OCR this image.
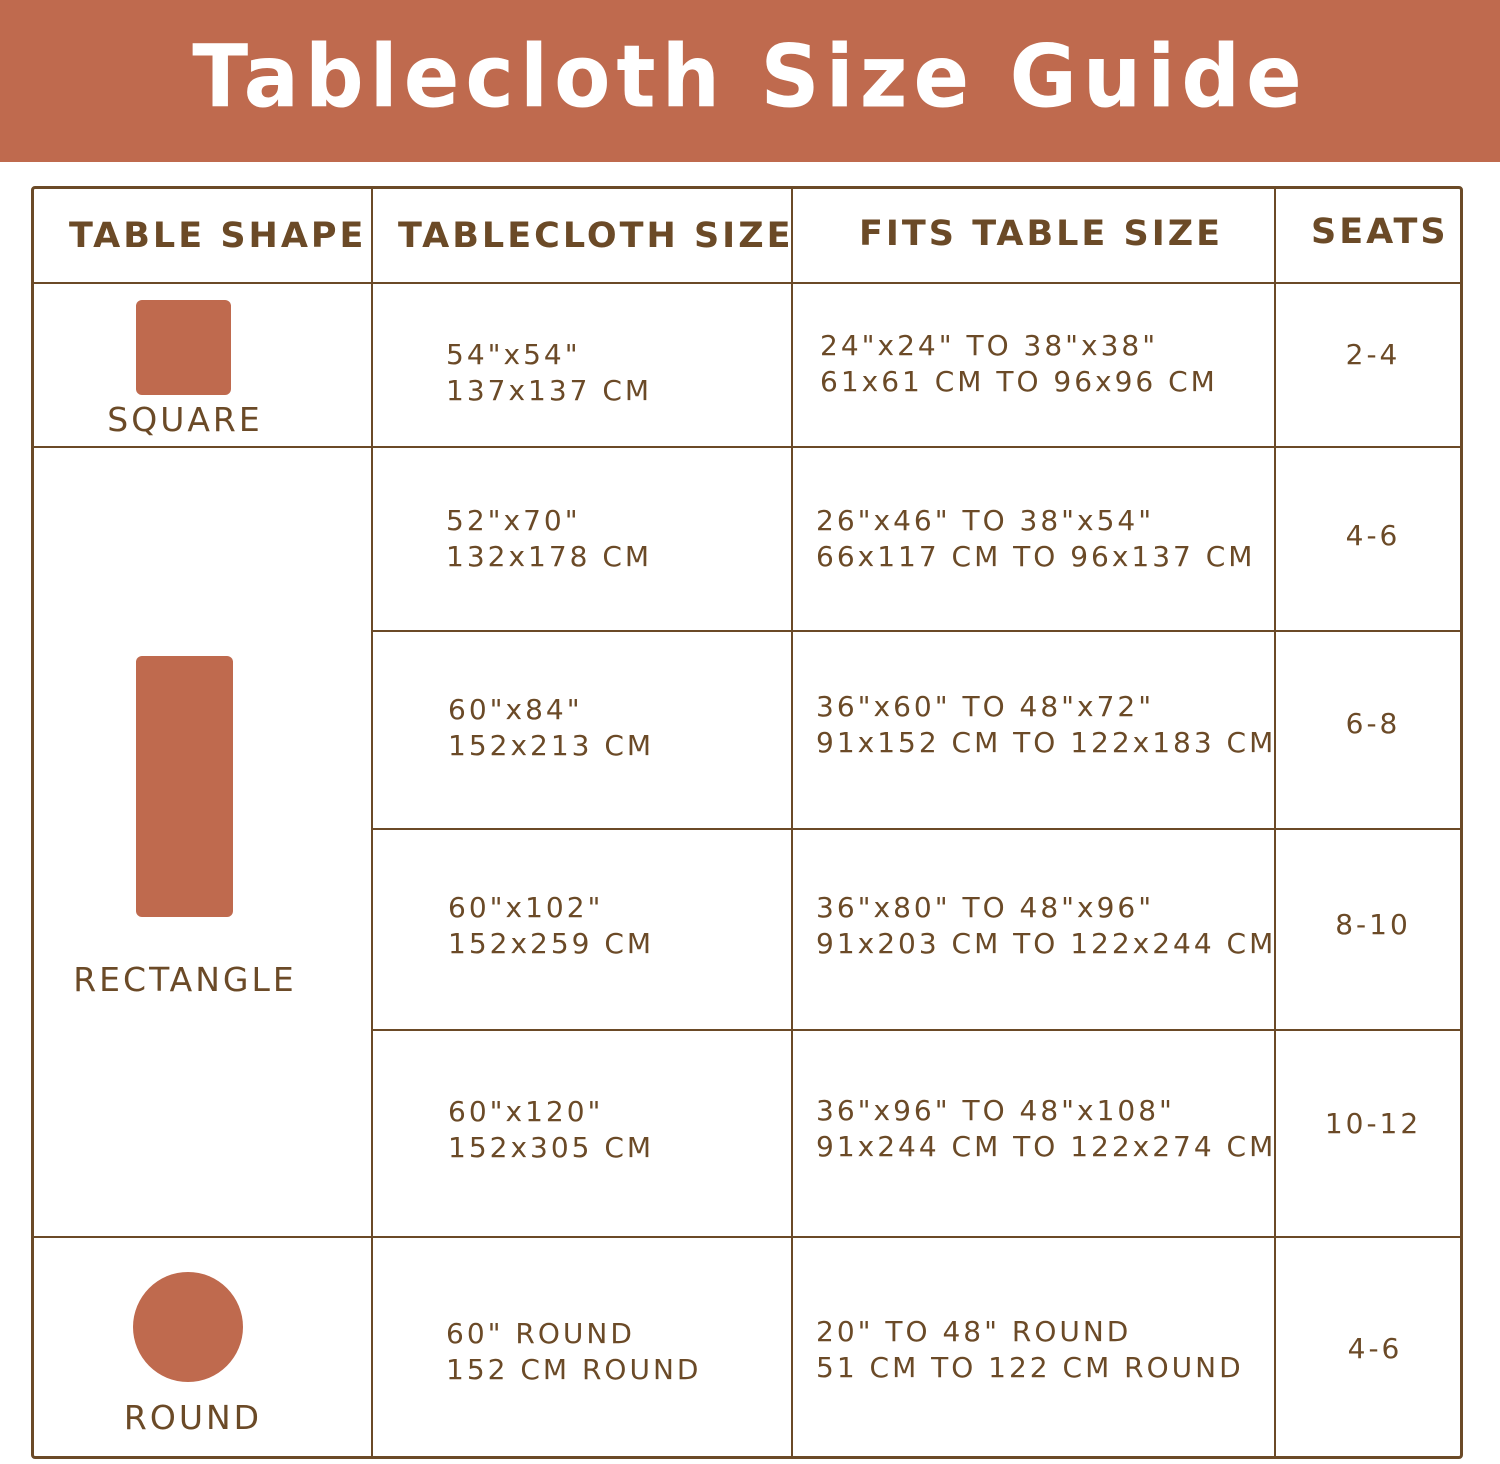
Tablecloth Size Guide
TABLE SHAPE TABLECLOTH SIZE FITS TABLE SIZE	SEATS
SQUARE
RECTANGLE
ROUND
54"x54"
137x137 CM
24"x24" TO 38"x38"
61x61 CM TO 96x96 CM
2-4
52"x70"
132x178 CM
26"x46" TO 38"x54"
66x117 CM TO 96x137 CM
4-6
60"x84"
152x213 CM
36"x60" TO 48"x72"
91x152 CM TO 122x183 CM
6-8
60"x102"
152x259 CM
36"x80" TO 48"x96"
91x203 CM TO 122x244 CM
8-10
60"x120"
152x305 CM
36"x96" TO 48"x108"
91x244 CM TO 122x274 CM
10-12
60" ROUND
152 CM ROUND
20" TO 48" ROUND
51 CM TO 122 CM ROUND
4-6
